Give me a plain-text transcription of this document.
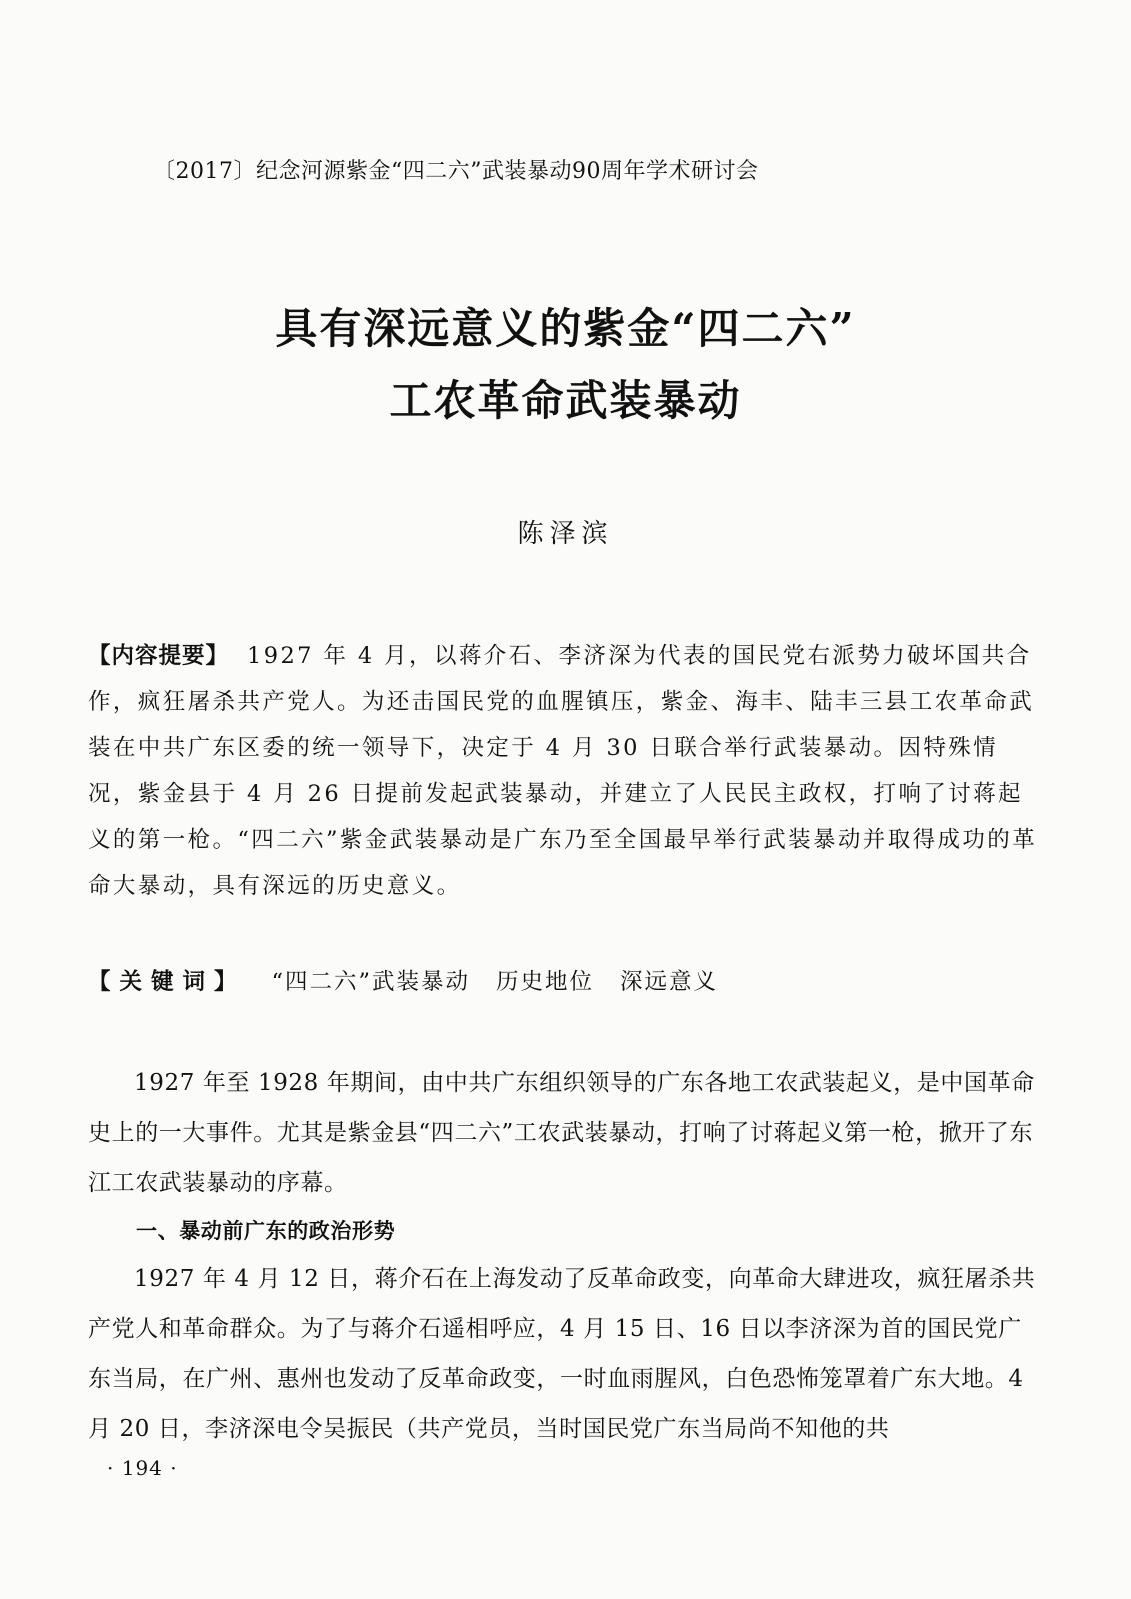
〔2017〕纪念河源紫金“四二六”武装暴动90周年学术研讨会
具有深远意义的紫金“四二六”
工农革命武装暴动
陈泽滨
【内容提要】 1927 年 4 月，以蒋介石、李济深为代表的国民党右派势力破坏国共合作，疯狂屠杀共产党人。为还击国民党的血腥镇压，紫金、海丰、陆丰三县工农革命武装在中共广东区委的统一领导下，决定于 4 月 30 日联合举行武装暴动。因特殊情况，紫金县于 4 月 26 日提前发起武装暴动，并建立了人民民主政权，打响了讨蒋起义的第一枪。“四二六”紫金武装暴动是广东乃至全国最早举行武装暴动并取得成功的革命大暴动，具有深远的历史意义。
【关键词】 “四二六”武装暴动 历史地位 深远意义

1927 年至 1928 年期间，由中共广东组织领导的广东各地工农武装起义，是中国革命史上的一大事件。尤其是紫金县“四二六”工农武装暴动，打响了讨蒋起义第一枪，掀开了东江工农武装暴动的序幕。

一、暴动前广东的政治形势

1927 年 4 月 12 日，蒋介石在上海发动了反革命政变，向革命大肆进攻，疯狂屠杀共产党人和革命群众。为了与蒋介石遥相呼应，4 月 15 日、16 日以李济深为首的国民党广东当局，在广州、惠州也发动了反革命政变，一时血雨腥风，白色恐怖笼罩着广东大地。4 月 20 日，李济深电令吴振民（共产党员，当时国民党广东当局尚不知他的共

· 194 ·
